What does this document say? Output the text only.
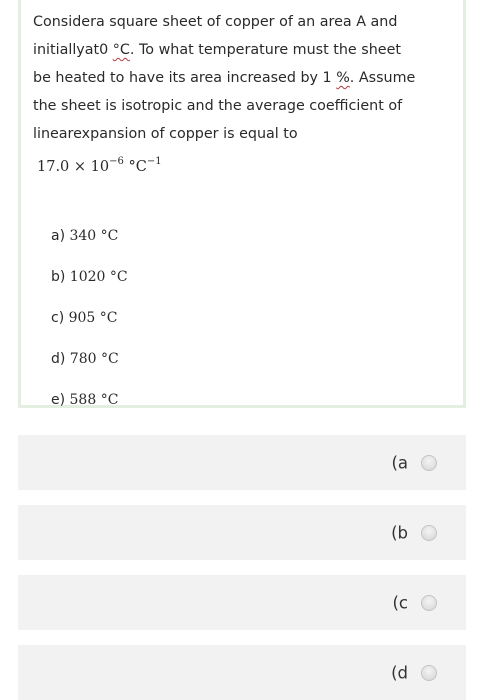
Considera square sheet of copper of an area A and
initiallyat0 °C. To what temperature must the sheet
be heated to have its area increased by 1 %. Assume
the sheet is isotropic and the average coefficient of
linearexpansion of copper is equal to

$17.0 \times 10^{-6}$ $^\circ C^{-1}$
a) 340 °C
b) 1020 °C
c) 905 °C
d) 780 °C
e) 588 °C
(a
(b
(c
(d
